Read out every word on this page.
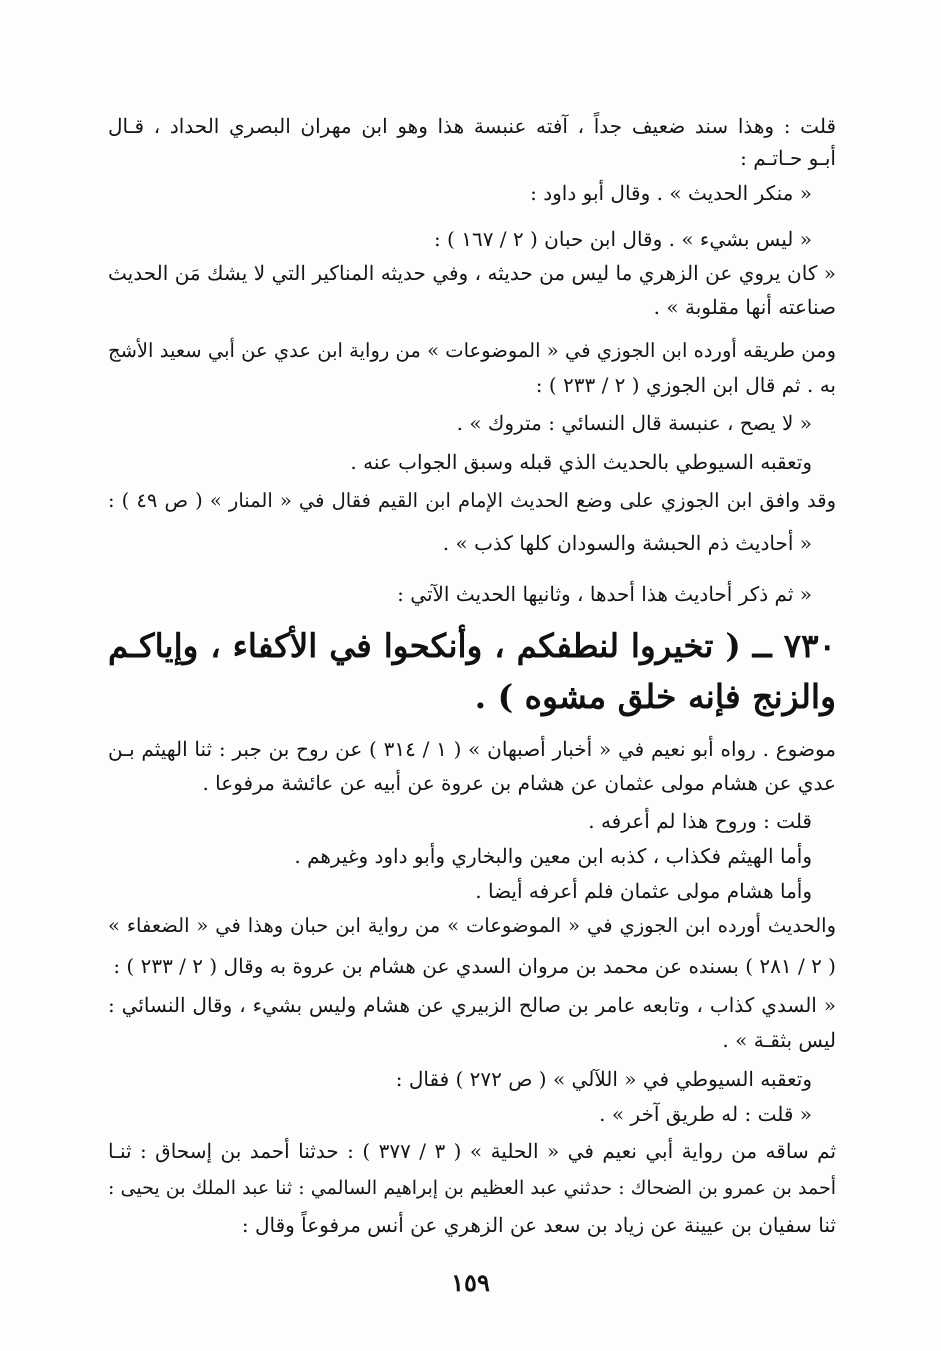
قلت : وهذا سند ضعيف جداً ، آفته عنبسة هذا وهو ابن مهران البصري الحداد ، قـال
أبـو حـاتـم :
« منكر الحديث » . وقال أبو داود :
« ليس بشيء » . وقال ابن حبان ( ٢ / ١٦٧ ) :
« كان يروي عن الزهري ما ليس من حديثه ، وفي حديثه المناكير التي لا يشك مَن الحديث
صناعته أنها مقلوبة » .
ومن طريقه أورده ابن الجوزي في « الموضوعات » من رواية ابن عدي عن أبي سعيد الأشج
به . ثم قال ابن الجوزي ( ٢ / ٢٣٣ ) :
« لا يصح ، عنبسة قال النسائي : متروك » .
وتعقبه السيوطي بالحديث الذي قبله وسبق الجواب عنه .
وقد وافق ابن الجوزي على وضع الحديث الإمام ابن القيم فقال في « المنار » ( ص ٤٩ ) :
« أحاديث ذم الحبشة والسودان كلها كذب » .
« ثم ذكر أحاديث هذا أحدها ، وثانيها الحديث الآتي :
٧٣٠ ــ ( تخيروا لنطفكم ، وأنكحوا في الأكفاء ، وإياكـم
والزنج فإنه خلق مشوه ) .
موضوع . رواه أبو نعيم في « أخبار أصبهان » ( ١ / ٣١٤ ) عن روح بن جبر : ثنا الهيثم بـن
عدي عن هشام مولى عثمان عن هشام بن عروة عن أبيه عن عائشة مرفوعا .
قلت : وروح هذا لم أعرفه .
وأما الهيثم فكذاب ، كذبه ابن معين والبخاري وأبو داود وغيرهم .
وأما هشام مولى عثمان فلم أعرفه أيضا .
والحديث أورده ابن الجوزي في « الموضوعات » من رواية ابن حبان وهذا في « الضعفاء »
( ٢ / ٢٨١ ) بسنده عن محمد بن مروان السدي عن هشام بن عروة به وقال ( ٢ / ٢٣٣ ) :
« السدي كذاب ، وتابعه عامر بن صالح الزبيري عن هشام وليس بشيء ، وقال النسائي :
ليس بثقـة » .
وتعقبه السيوطي في « اللآلي » ( ص ٢٧٢ ) فقال :
« قلت : له طريق آخر » .
ثم ساقه من رواية أبي نعيم في « الحلية » ( ٣ / ٣٧٧ ) : حدثنا أحمد بن إسحاق : ثنـا
أحمد بن عمرو بن الضحاك : حدثني عبد العظيم بن إبراهيم السالمي : ثنا عبد الملك بن يحيى :
ثنا سفيان بن عيينة عن زياد بن سعد عن الزهري عن أنس مرفوعاً وقال :
١٥٩
